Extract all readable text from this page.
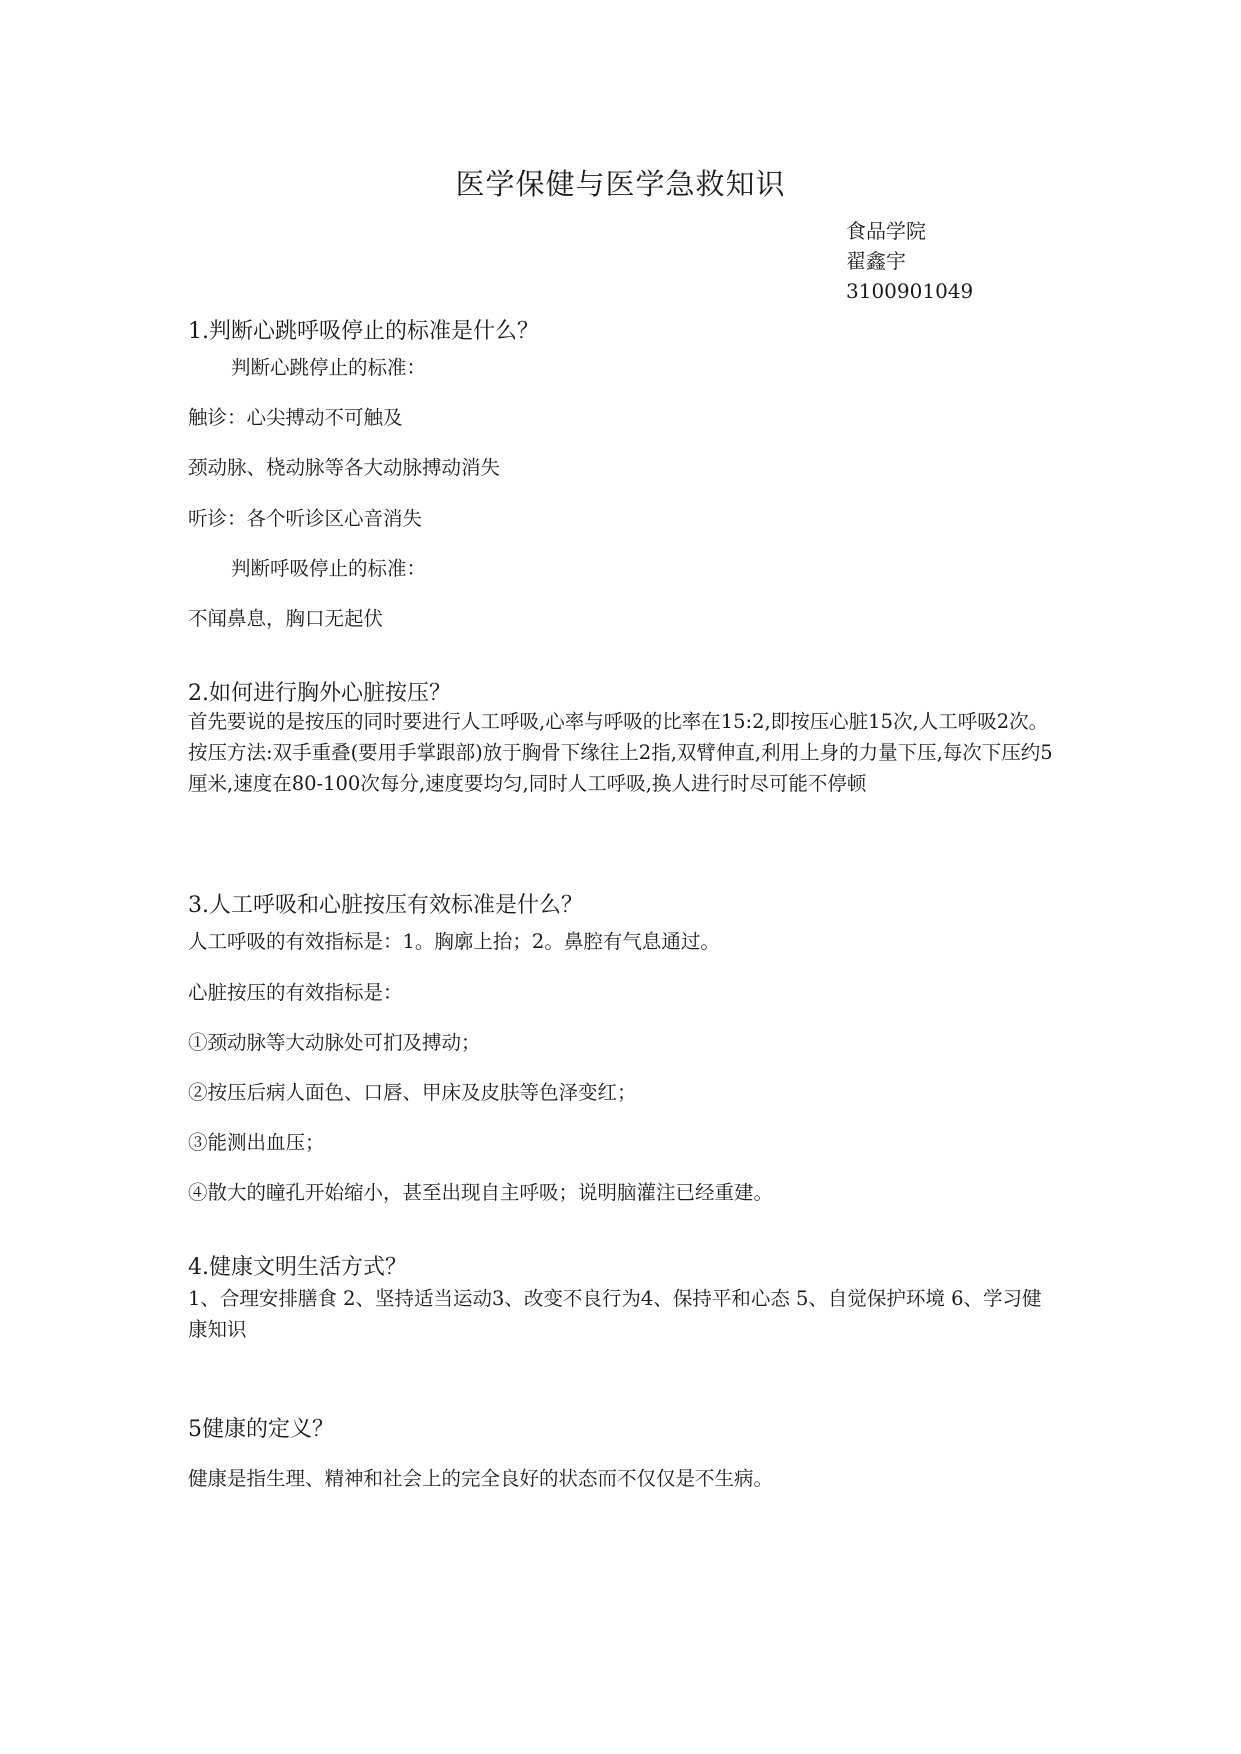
医学保健与医学急救知识
食品学院
翟鑫宇
3100901049
1.判断心跳呼吸停止的标准是什么？
判断心跳停止的标准：
触诊：心尖搏动不可触及
颈动脉、桡动脉等各大动脉搏动消失
听诊：各个听诊区心音消失
判断呼吸停止的标准：
不闻鼻息，胸口无起伏
2.如何进行胸外心脏按压？
首先要说的是按压的同时要进行人工呼吸,心率与呼吸的比率在15:2,即按压心脏15次,人工呼吸2次。按压方法:双手重叠(要用手掌跟部)放于胸骨下缘往上2指,双臂伸直,利用上身的力量下压,每次下压约5厘米,速度在80-100次每分,速度要均匀,同时人工呼吸,换人进行时尽可能不停顿
3.人工呼吸和心脏按压有效标准是什么？
人工呼吸的有效指标是：1。胸廓上抬；2。鼻腔有气息通过。
心脏按压的有效指标是：
①颈动脉等大动脉处可扪及搏动；
②按压后病人面色、口唇、甲床及皮肤等色泽变红；
③能测出血压；
④散大的瞳孔开始缩小，甚至出现自主呼吸；说明脑灌注已经重建。
4.健康文明生活方式？
1、合理安排膳食 2、坚持适当运动3、改变不良行为4、保持平和心态 5、自觉保护环境 6、学习健康知识
5健康的定义？
健康是指生理、精神和社会上的完全良好的状态而不仅仅是不生病。
